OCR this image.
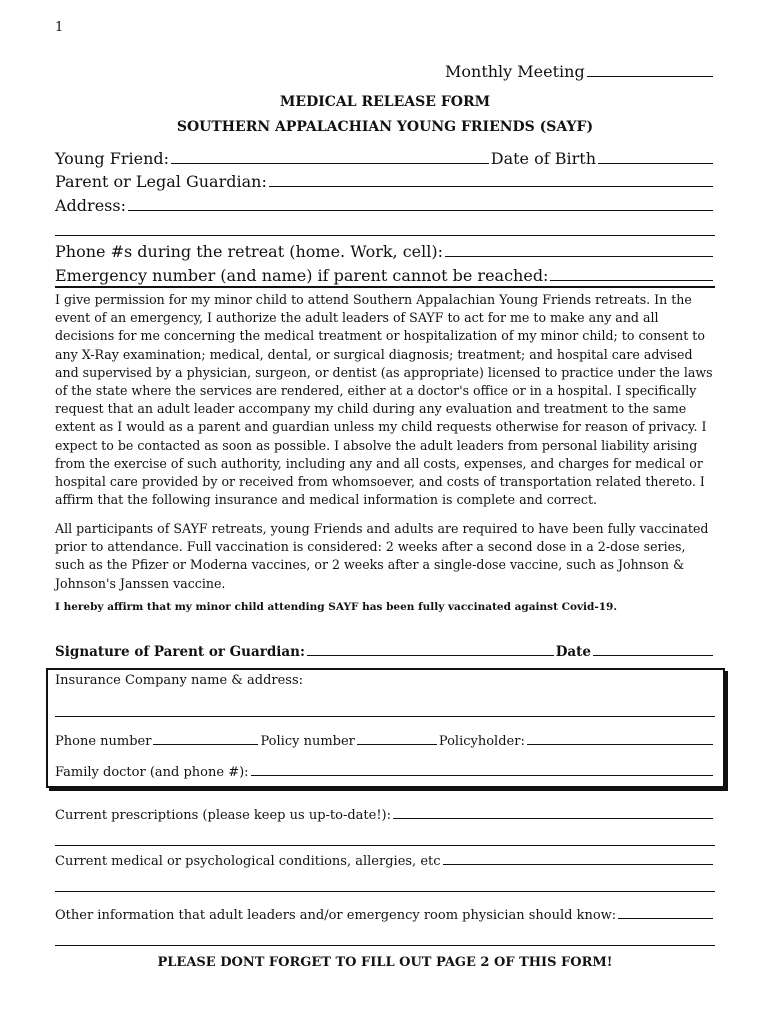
1
Monthly Meeting
MEDICAL RELEASE FORM
SOUTHERN APPALACHIAN YOUNG FRIENDS (SAYF)
Young Friend:	Date of Birth
Parent or Legal Guardian:
Address:
Phone #s during the retreat (home. Work, cell):
Emergency number (and name) if parent cannot be reached:
I give permission for my minor child to attend Southern Appalachian Young Friends retreats. In the event of an emergency, I authorize the adult leaders of SAYF to act for me to make any and all decisions for me concerning the medical treatment or hospitalization of my minor child; to consent to any X-Ray examination; medical, dental, or surgical diagnosis; treatment; and hospital care advised and supervised by a physician, surgeon, or dentist (as appropriate) licensed to practice under the laws of the state where the services are rendered, either at a doctor's office or in a hospital. I specifically request that an adult leader accompany my child during any evaluation and treatment to the same extent as I would as a parent and guardian unless my child requests otherwise for reason of privacy. I expect to be contacted as soon as possible. I absolve the adult leaders from personal liability arising from the exercise of such authority, including any and all costs, expenses, and charges for medical or hospital care provided by or received from whomsoever, and costs of transportation related thereto. I affirm that the following insurance and medical information is complete and correct.
All participants of SAYF retreats, young Friends and adults are required to have been fully vaccinated prior to attendance. Full vaccination is considered: 2 weeks after a second dose in a 2-dose series, such as the Pfizer or Moderna vaccines, or 2 weeks after a single-dose vaccine, such as Johnson & Johnson's Janssen vaccine.
I hereby affirm that my minor child attending SAYF has been fully vaccinated against Covid-19.
Signature of Parent or Guardian:	Date
Insurance Company name & address:
Phone number	Policy number	Policyholder:
Family doctor (and phone #):
Current prescriptions (please keep us up-to-date!):
Current medical or psychological conditions, allergies, etc
Other information that adult leaders and/or emergency room physician should know:
PLEASE DONT FORGET TO FILL OUT PAGE 2 OF THIS FORM!
